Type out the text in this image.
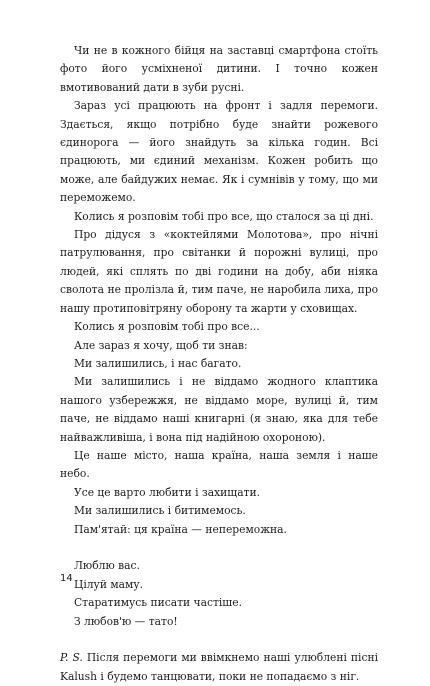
Чи не в кожного бійця на заставці смартфона стоїть фото його усміхненої дитини. І точно кожен вмотивований дати в зуби русні.

Зараз усі працюють на фронт і задля перемоги. Здається, якщо потрібно буде знайти рожевого єдинорога — його знайдуть за кілька годин. Всі працюють, ми єдиний механізм. Кожен робить що може, але байдужих немає. Як і сумнівів у тому, що ми переможемо.

Колись я розповім тобі про все, що сталося за ці дні.

Про дідуся з «коктейлями Молотова», про нічні патрулювання, про світанки й порожні вулиці, про людей, які сплять по дві години на добу, аби ніяка сволота не пролізла й, тим паче, не наробила лиха, про нашу протиповітряну оборону та жарти у сховищах.

Колись я розповім тобі про все...

Але зараз я хочу, щоб ти знав:

Ми залишились, і нас багато.

Ми залишились і не віддамо жодного клаптика нашого узбережжя, не віддамо море, вулиці й, тим паче, не віддамо наші книгарні (я знаю, яка для тебе найважливіша, і вона під надійною охороною).

Це наше місто, наша країна, наша земля і наше небо.

Усе це варто любити і захищати.

Ми залишились і битимемось.

Пам'ятай: ця країна — непереможна.

Люблю вас.

Цілуй маму.

Старатимусь писати частіше.

З любов'ю — тато!

P. S. Після перемоги ми ввімкнемо наші улюблені пісні Kalush і будемо танцювати, поки не попадаємо з ніг.

14
